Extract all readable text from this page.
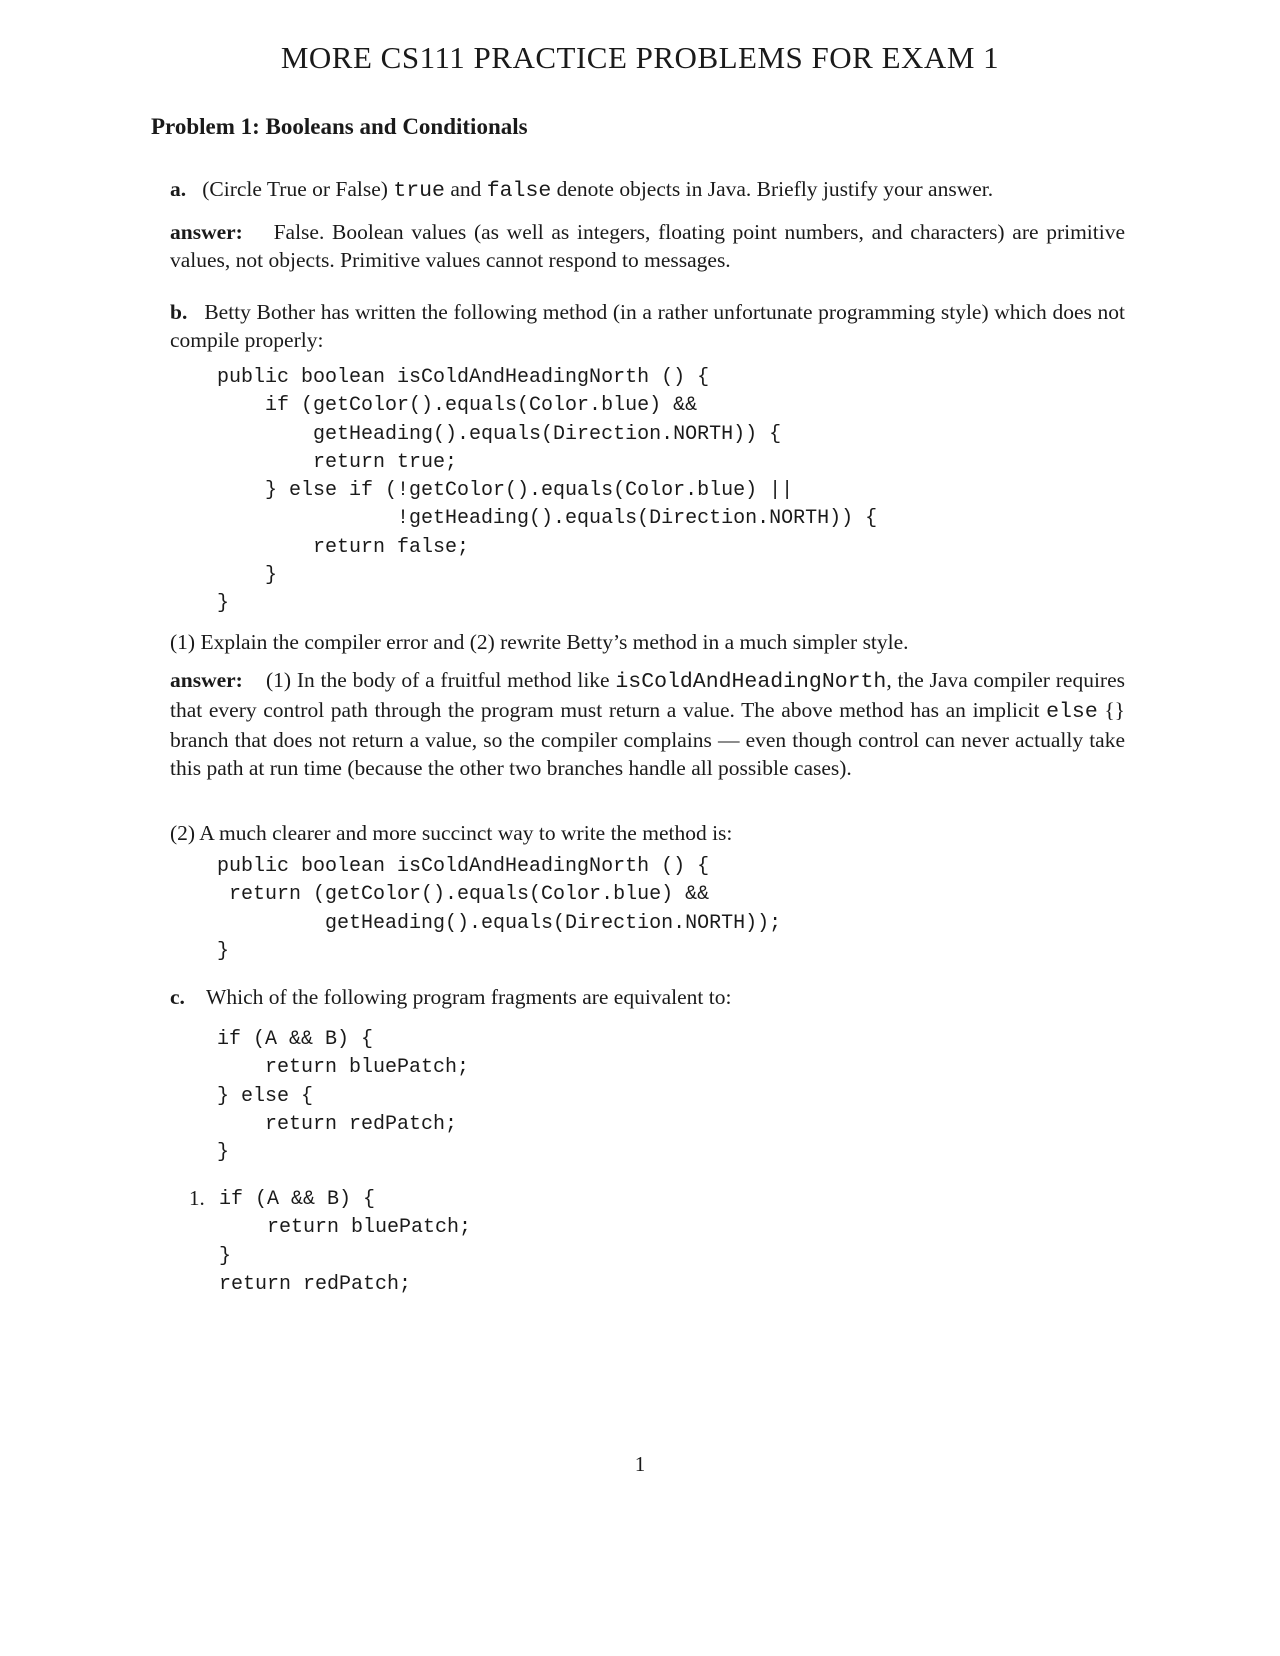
MORE CS111 PRACTICE PROBLEMS FOR EXAM 1
Problem 1: Booleans and Conditionals

a. (Circle True or False) true and false denote objects in Java. Briefly justify your answer.

answer: False. Boolean values (as well as integers, floating point numbers, and characters) are primitive values, not objects. Primitive values cannot respond to messages.

b. Betty Bother has written the following method (in a rather unfortunate programming style) which does not compile properly:

public boolean isColdAndHeadingNorth () {
if (getColor().equals(Color.blue) &&
getHeading().equals(Direction.NORTH)) {
return true;
} else if (!getColor().equals(Color.blue) ||
!getHeading().equals(Direction.NORTH)) {
return false;
}
}

(1) Explain the compiler error and (2) rewrite Betty’s method in a much simpler style.

answer: (1) In the body of a fruitful method like isColdAndHeadingNorth, the Java compiler requires that every control path through the program must return a value. The above method has an implicit else {} branch that does not return a value, so the compiler complains — even though control can never actually take this path at run time (because the other two branches handle all possible cases).

(2) A much clearer and more succinct way to write the method is:

public boolean isColdAndHeadingNorth () {
return (getColor().equals(Color.blue) &&
getHeading().equals(Direction.NORTH));
}

c. Which of the following program fragments are equivalent to:

if (A && B) {
return bluePatch;
} else {
return redPatch;
}
1. if (A && B) {
return bluePatch;
}
return redPatch;
1
